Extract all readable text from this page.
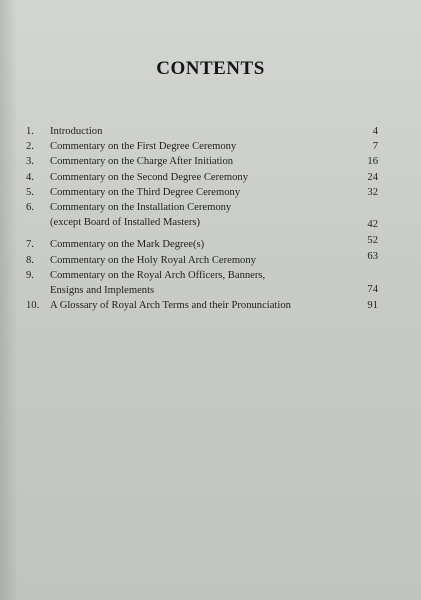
CONTENTS
1.	Introduction	4
2.	Commentary on the First Degree Ceremony	7
3.	Commentary on the Charge After Initiation	16
4.	Commentary on the Second Degree Ceremony	24
5.	Commentary on the Third Degree Ceremony	32
6.	Commentary on the Installation Ceremony
(except Board of Installed Masters)	42
7.	Commentary on the Mark Degree(s)	52
8.	Commentary on the Holy Royal Arch Ceremony	63
9.	Commentary on the Royal Arch Officers, Banners,
Ensigns and Implements	74
10.	A Glossary of Royal Arch Terms and their Pronunciation	91
